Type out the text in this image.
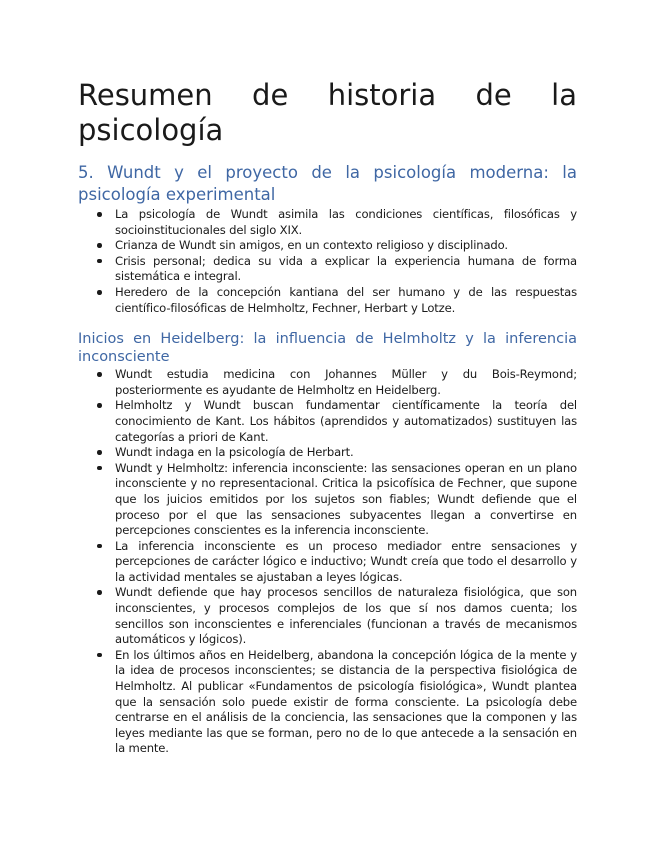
Resumen de historia de la
psicología
5. Wundt y el proyecto de la psicología moderna: la psicología experimental
La psicología de Wundt asimila las condiciones científicas, filosóficas y socioinstitucionales del siglo XIX.
Crianza de Wundt sin amigos, en un contexto religioso y disciplinado.
Crisis personal; dedica su vida a explicar la experiencia humana de forma sistemática e integral.
Heredero de la concepción kantiana del ser humano y de las respuestas científico-filosóficas de Helmholtz, Fechner, Herbart y Lotze.
Inicios en Heidelberg: la influencia de Helmholtz y la inferencia inconsciente
Wundt estudia medicina con Johannes Müller y du Bois-Reymond; posteriormente es ayudante de Helmholtz en Heidelberg.
Helmholtz y Wundt buscan fundamentar científicamente la teoría del conocimiento de Kant. Los hábitos (aprendidos y automatizados) sustituyen las categorías a priori de Kant.
Wundt indaga en la psicología de Herbart.
Wundt y Helmholtz: inferencia inconsciente: las sensaciones operan en un plano inconsciente y no representacional. Critica la psicofísica de Fechner, que supone que los juicios emitidos por los sujetos son fiables; Wundt defiende que el proceso por el que las sensaciones subyacentes llegan a convertirse en percepciones conscientes es la inferencia inconsciente.
La inferencia inconsciente es un proceso mediador entre sensaciones y percepciones de carácter lógico e inductivo; Wundt creía que todo el desarrollo y la actividad mentales se ajustaban a leyes lógicas.
Wundt defiende que hay procesos sencillos de naturaleza fisiológica, que son inconscientes, y procesos complejos de los que sí nos damos cuenta; los sencillos son inconscientes e inferenciales (funcionan a través de mecanismos automáticos y lógicos).
En los últimos años en Heidelberg, abandona la concepción lógica de la mente y la idea de procesos inconscientes; se distancia de la perspectiva fisiológica de Helmholtz. Al publicar «Fundamentos de psicología fisiológica», Wundt plantea que la sensación solo puede existir de forma consciente. La psicología debe centrarse en el análisis de la conciencia, las sensaciones que la componen y las leyes mediante las que se forman, pero no de lo que antecede a la sensación en la mente.
